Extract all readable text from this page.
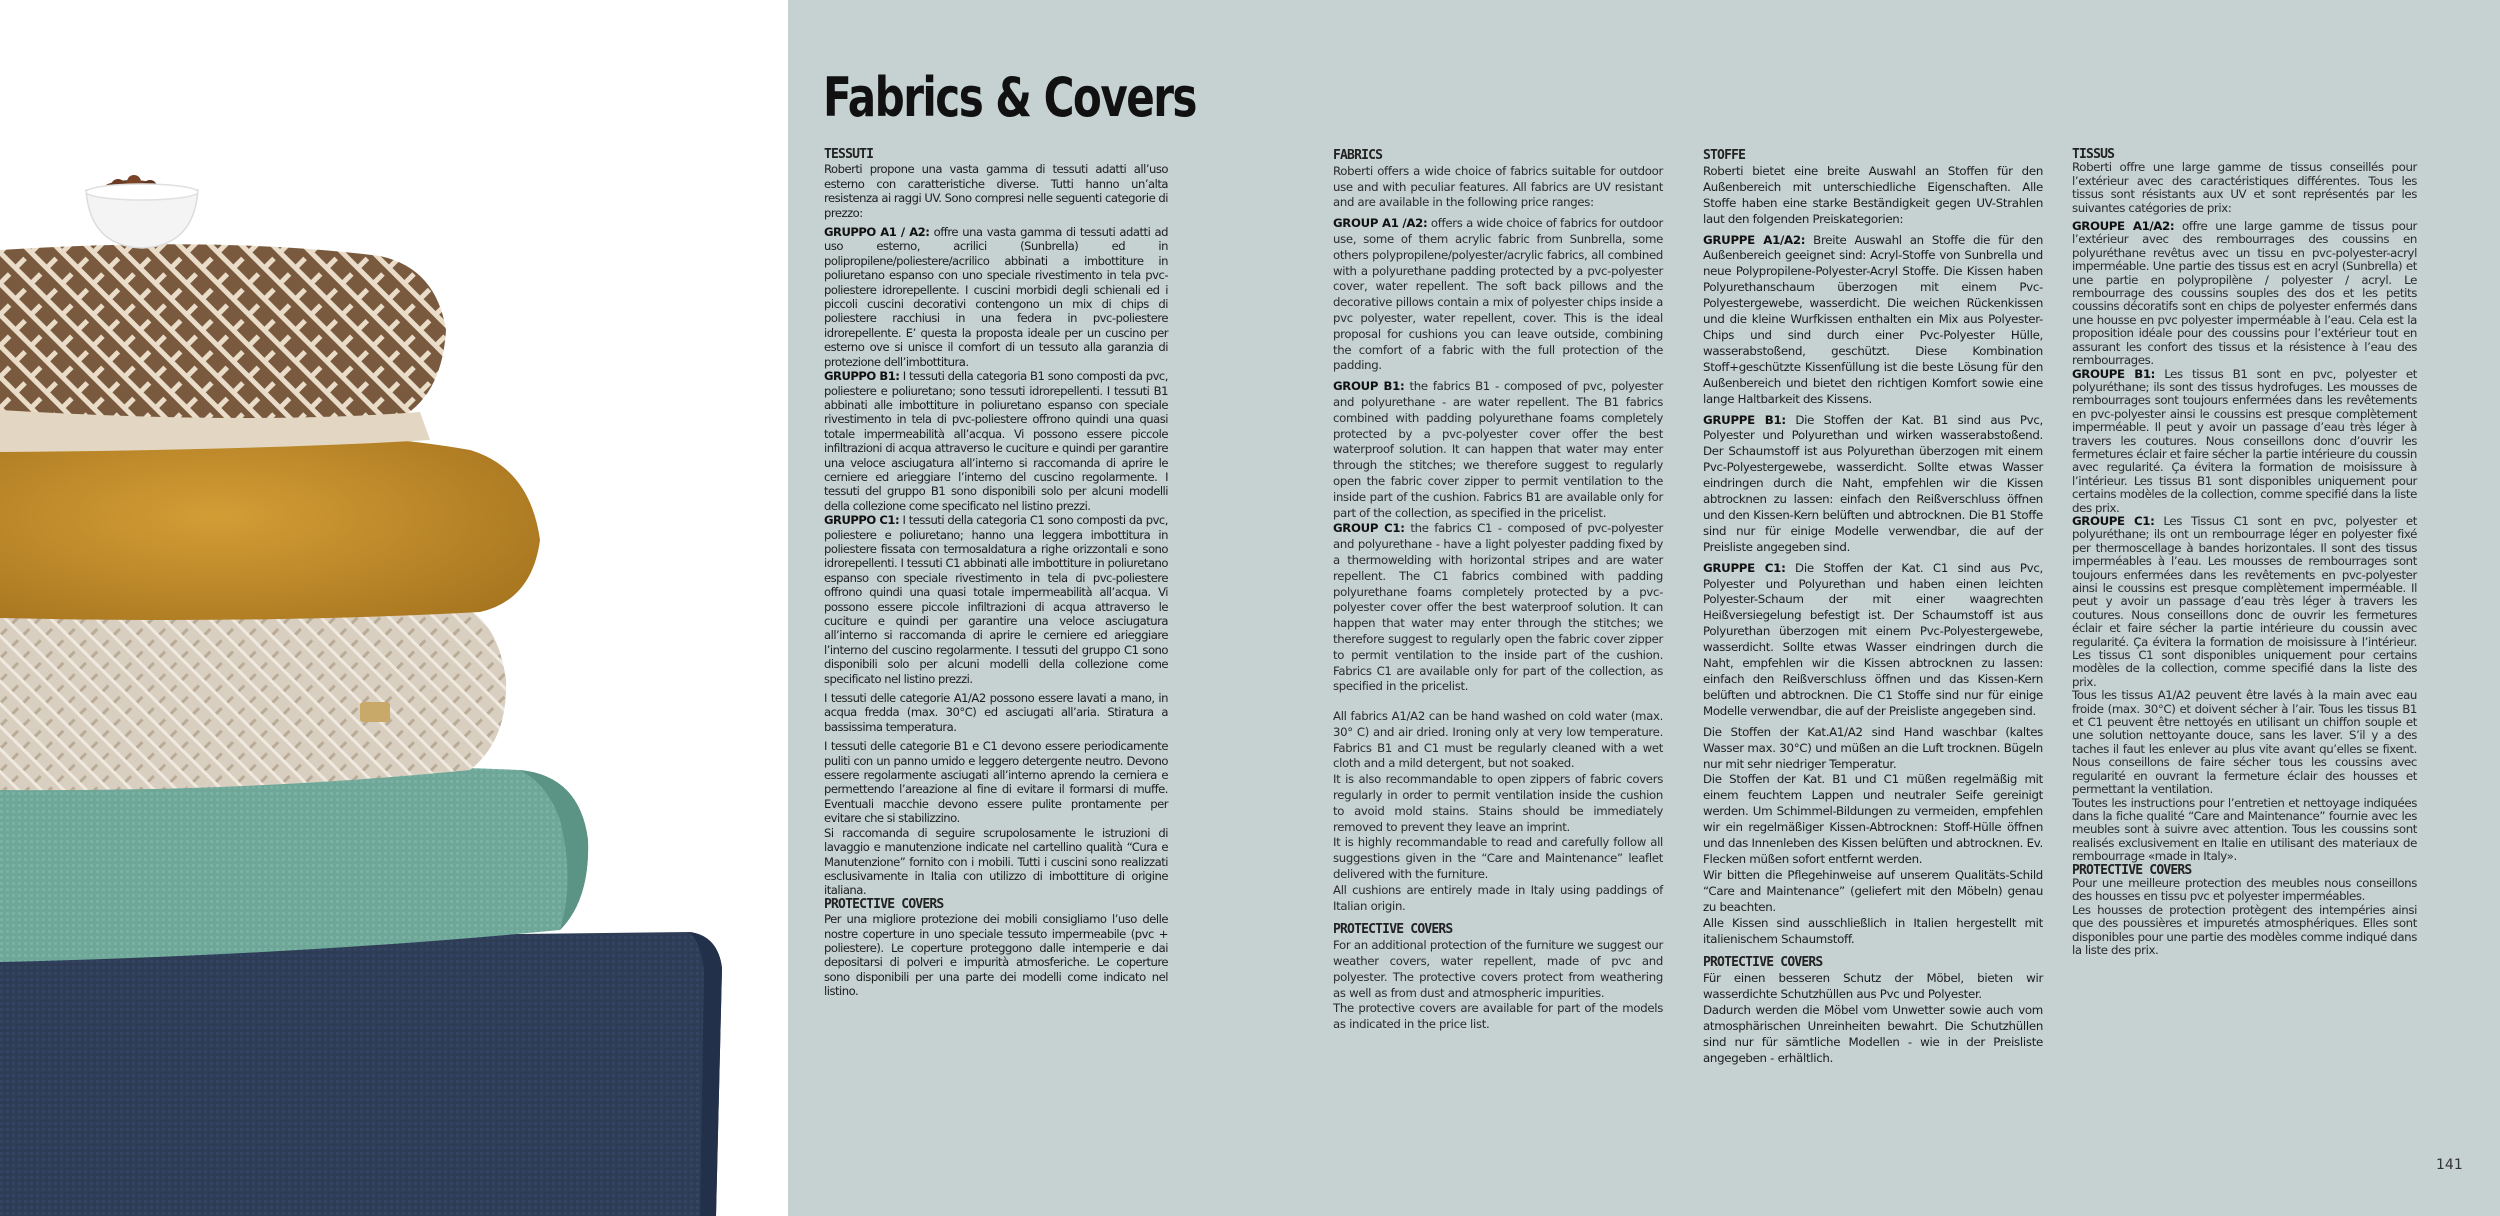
Fabrics & Covers

TESSUTI

Roberti propone una vasta gamma di tessuti adatti all’uso esterno con caratteristiche diverse. Tutti hanno un’alta resistenza ai raggi UV. Sono compresi nelle seguenti categorie di prezzo:

GRUPPO A1 / A2: offre una vasta gamma di tessuti adatti ad uso esterno, acrilici (Sunbrella) ed in polipropilene/poliestere/acrilico abbinati a imbottiture in poliuretano espanso con uno speciale rivestimento in tela pvc-poliestere idrorepellente. I cuscini morbidi degli schienali ed i piccoli cuscini decorativi contengono un mix di chips di poliestere racchiusi in una federa in pvc-poliestere idrorepellente. E’ questa la proposta ideale per un cuscino per esterno ove si unisce il comfort di un tessuto alla garanzia di protezione dell’imbottitura.

GRUPPO B1: I tessuti della categoria B1 sono composti da pvc, poliestere e poliuretano; sono tessuti idrorepellenti. I tessuti B1 abbinati alle imbottiture in poliuretano espanso con speciale rivestimento in tela di pvc-poliestere offrono quindi una quasi totale impermeabilità all’acqua. Vi possono essere piccole infiltrazioni di acqua attraverso le cuciture e quindi per garantire una veloce asciugatura all’interno si raccomanda di aprire le cerniere ed arieggiare l’interno del cuscino regolarmente. I tessuti del gruppo B1 sono disponibili solo per alcuni modelli della collezione come specificato nel listino prezzi.

GRUPPO C1: I tessuti della categoria C1 sono composti da pvc, poliestere e poliuretano; hanno una leggera imbottitura in poliestere fissata con termosaldatura a righe orizzontali e sono idrorepellenti. I tessuti C1 abbinati alle imbottiture in poliuretano espanso con speciale rivestimento in tela di pvc-poliestere offrono quindi una quasi totale impermeabilità all’acqua. Vi possono essere piccole infiltrazioni di acqua attraverso le cuciture e quindi per garantire una veloce asciugatura all’interno si raccomanda di aprire le cerniere ed arieggiare l’interno del cuscino regolarmente. I tessuti del gruppo C1 sono disponibili solo per alcuni modelli della collezione come specificato nel listino prezzi.

I tessuti delle categorie A1/A2 possono essere lavati a mano, in acqua fredda (max. 30°C) ed asciugati all’aria. Stiratura a bassissima temperatura.

I tessuti delle categorie B1 e C1 devono essere periodicamente puliti con un panno umido e leggero detergente neutro. Devono essere regolarmente asciugati all’interno aprendo la cerniera e permettendo l’areazione al fine di evitare il formarsi di muffe. Eventuali macchie devono essere pulite prontamente per evitare che si stabilizzino.

Si raccomanda di seguire scrupolosamente le istruzioni di lavaggio e manutenzione indicate nel cartellino qualità “Cura e Manutenzione” fornito con i mobili. Tutti i cuscini sono realizzati esclusivamente in Italia con utilizzo di imbottiture di origine italiana.

PROTECTIVE COVERS

Per una migliore protezione dei mobili consigliamo l’uso delle nostre coperture in uno speciale tessuto impermeabile (pvc + poliestere). Le coperture proteggono dalle intemperie e dai depositarsi di polveri e impurità atmosferiche. Le coperture sono disponibili per una parte dei modelli come indicato nel listino.

FABRICS

Roberti offers a wide choice of fabrics suitable for outdoor use and with peculiar features. All fabrics are UV resistant and are available in the following price ranges:

GROUP A1 /A2: offers a wide choice of fabrics for outdoor use, some of them acrylic fabric from Sunbrella, some others polypropilene/polyester/acrylic fabrics, all combined with a polyurethane padding protected by a pvc-polyester cover, water repellent. The soft back pillows and the decorative pillows contain a mix of polyester chips inside a pvc polyester, water repellent, cover. This is the ideal proposal for cushions you can leave outside, combining the comfort of a fabric with the full protection of the padding.

GROUP B1: the fabrics B1 - composed of pvc, polyester and polyurethane - are water repellent. The B1 fabrics combined with padding polyurethane foams completely protected by a pvc-polyester cover offer the best waterproof solution. It can happen that water may enter through the stitches; we therefore suggest to regularly open the fabric cover zipper to permit ventilation to the inside part of the cushion. Fabrics B1 are available only for part of the collection, as specified in the pricelist.

GROUP C1: the fabrics C1 - composed of pvc-polyester and polyurethane - have a light polyester padding fixed by a thermowelding with horizontal stripes and are water repellent. The C1 fabrics combined with padding polyurethane foams completely protected by a pvc-polyester cover offer the best waterproof solution. It can happen that water may enter through the stitches; we therefore suggest to regularly open the fabric cover zipper to permit ventilation to the inside part of the cushion. Fabrics C1 are available only for part of the collection, as specified in the pricelist.

All fabrics A1/A2 can be hand washed on cold water (max. 30° C) and air dried. Ironing only at very low temperature. Fabrics B1 and C1 must be regularly cleaned with a wet cloth and a mild detergent, but not soaked.

It is also recommandable to open zippers of fabric covers regularly in order to permit ventilation inside the cushion to avoid mold stains. Stains should be immediately removed to prevent they leave an imprint.

It is highly recommandable to read and carefully follow all suggestions given in the “Care and Maintenance” leaflet delivered with the furniture.

All cushions are entirely made in Italy using paddings of Italian origin.

PROTECTIVE COVERS

For an additional protection of the furniture we suggest our weather covers, water repellent, made of pvc and polyester. The protective covers protect from weathering as well as from dust and atmospheric impurities.

The protective covers are available for part of the models as indicated in the price list.

STOFFE

Roberti bietet eine breite Auswahl an Stoffen für den Außenbereich mit unterschiedliche Eigenschaften. Alle Stoffe haben eine starke Beständigkeit gegen UV-Strahlen laut den folgenden Preiskategorien:

GRUPPE A1/A2: Breite Auswahl an Stoffe die für den Außenbereich geeignet sind: Acryl-Stoffe von Sunbrella und neue Polypropilene-Polyester-Acryl Stoffe. Die Kissen haben Polyurethanschaum überzogen mit einem Pvc-Polyestergewebe, wasserdicht. Die weichen Rückenkissen und die kleine Wurfkissen enthalten ein Mix aus Polyester-Chips und sind durch einer Pvc-Polyester Hülle, wasserabstoßend, geschützt. Diese Kombination Stoff+geschützte Kissenfüllung ist die beste Lösung für den Außenbereich und bietet den richtigen Komfort sowie eine lange Haltbarkeit des Kissens.

GRUPPE B1: Die Stoffen der Kat. B1 sind aus Pvc, Polyester und Polyurethan und wirken wasserabstoßend. Der Schaumstoff ist aus Polyurethan überzogen mit einem Pvc-Polyestergewebe, wasserdicht. Sollte etwas Wasser eindringen durch die Naht, empfehlen wir die Kissen abtrocknen zu lassen: einfach den Reißverschluss öffnen und den Kissen-Kern belüften und abtrocknen. Die B1 Stoffe sind nur für einige Modelle verwendbar, die auf der Preisliste angegeben sind.

GRUPPE C1: Die Stoffen der Kat. C1 sind aus Pvc, Polyester und Polyurethan und haben einen leichten Polyester-Schaum der mit einer waagrechten Heißversiegelung befestigt ist. Der Schaumstoff ist aus Polyurethan überzogen mit einem Pvc-Polyestergewebe, wasserdicht. Sollte etwas Wasser eindringen durch die Naht, empfehlen wir die Kissen abtrocknen zu lassen: einfach den Reißverschluss öffnen und das Kissen-Kern belüften und abtrocknen. Die C1 Stoffe sind nur für einige Modelle verwendbar, die auf der Preisliste angegeben sind.

Die Stoffen der Kat.A1/A2 sind Hand waschbar (kaltes Wasser max. 30°C) und müßen an die Luft trocknen. Bügeln nur mit sehr niedriger Temperatur.

Die Stoffen der Kat. B1 und C1 müßen regelmäßig mit einem feuchtem Lappen und neutraler Seife gereinigt werden. Um Schimmel-Bildungen zu vermeiden, empfehlen wir ein regelmäßiger Kissen-Abtrocknen: Stoff-Hülle öffnen und das Innenleben des Kissen belüften und abtrocknen. Ev. Flecken müßen sofort entfernt werden.

Wir bitten die Pflegehinweise auf unserem Qualitäts-Schild “Care and Maintenance” (geliefert mit den Möbeln) genau zu beachten.

Alle Kissen sind ausschließlich in Italien hergestellt mit italienischem Schaumstoff.

PROTECTIVE COVERS

Für einen besseren Schutz der Möbel, bieten wir wasserdichte Schutzhüllen aus Pvc und Polyester.

Dadurch werden die Möbel vom Unwetter sowie auch vom atmosphärischen Unreinheiten bewahrt. Die Schutzhüllen sind nur für sämtliche Modellen - wie in der Preisliste angegeben - erhältlich.

TISSUS

Roberti offre une large gamme de tissus conseillés pour l’extérieur avec des caractéristiques différentes. Tous les tissus sont résistants aux UV et sont représentés par les suivantes catégories de prix:

GROUPE A1/A2: offre une large gamme de tissus pour l’extérieur avec des rembourrages des coussins en polyuréthane revêtus avec un tissu en pvc-polyester-acryl imperméable. Une partie des tissus est en acryl (Sunbrella) et une partie en polypropilène / polyester / acryl. Le rembourrage des coussins souples des dos et les petits coussins décoratifs sont en chips de polyester enfermés dans une housse en pvc polyester imperméable à l’eau. Cela est la proposition idéale pour des coussins pour l’extérieur tout en assurant les confort des tissus et la résistence à l’eau des rembourrages.

GROUPE B1: Les tissus B1 sont en pvc, polyester et polyuréthane; ils sont des tissus hydrofuges. Les mousses de rembourrages sont toujours enfermées dans les revêtements en pvc-polyester ainsi le coussins est presque complètement imperméable. Il peut y avoir un passage d’eau très léger à travers les coutures. Nous conseillons donc d’ouvrir les fermetures éclair et faire sécher la partie intérieure du coussin avec regularité. Ça évitera la formation de moisissure à l’intérieur. Les tissus B1 sont disponibles uniquement pour certains modèles de la collection, comme specifié dans la liste des prix.

GROUPE C1: Les Tissus C1 sont en pvc, polyester et polyuréthane; ils ont un rembourrage léger en polyester fixé per thermoscellage à bandes horizontales. Il sont des tissus imperméables à l’eau. Les mousses de rembourrages sont toujours enfermées dans les revêtements en pvc-polyester ainsi le coussins est presque complètement imperméable. Il peut y avoir un passage d’eau très léger à travers les coutures. Nous conseillons donc de ouvrir les fermetures éclair et faire sécher la partie intérieure du coussin avec regularité. Ça évitera la formation de moisissure à l’intérieur. Les tissus C1 sont disponibles uniquement pour certains modèles de la collection, comme specifié dans la liste des prix.

Tous les tissus A1/A2 peuvent être lavés à la main avec eau froide (max. 30°C) et doivent sécher à l’air. Tous les tissus B1 et C1 peuvent être nettoyés en utilisant un chiffon souple et une solution nettoyante douce, sans les laver. S’il y a des taches il faut les enlever au plus vite avant qu’elles se fixent. Nous conseillons de faire sécher tous les coussins avec regularité en ouvrant la fermeture éclair des housses et permettant la ventilation.

Toutes les instructions pour l’entretien et nettoyage indiquées dans la fiche qualité “Care and Maintenance” fournie avec les meubles sont à suivre avec attention. Tous les coussins sont realisés exclusivement en Italie en utilisant des materiaux de rembourrage «made in Italy».

PROTECTIVE COVERS

Pour une meilleure protection des meubles nous conseillons des housses en tissu pvc et polyester imperméables.

Les housses de protection protègent des intempéries ainsi que des poussières et impuretés atmosphériques. Elles sont disponibles pour une partie des modèles comme indiqué dans la liste des prix.

141
